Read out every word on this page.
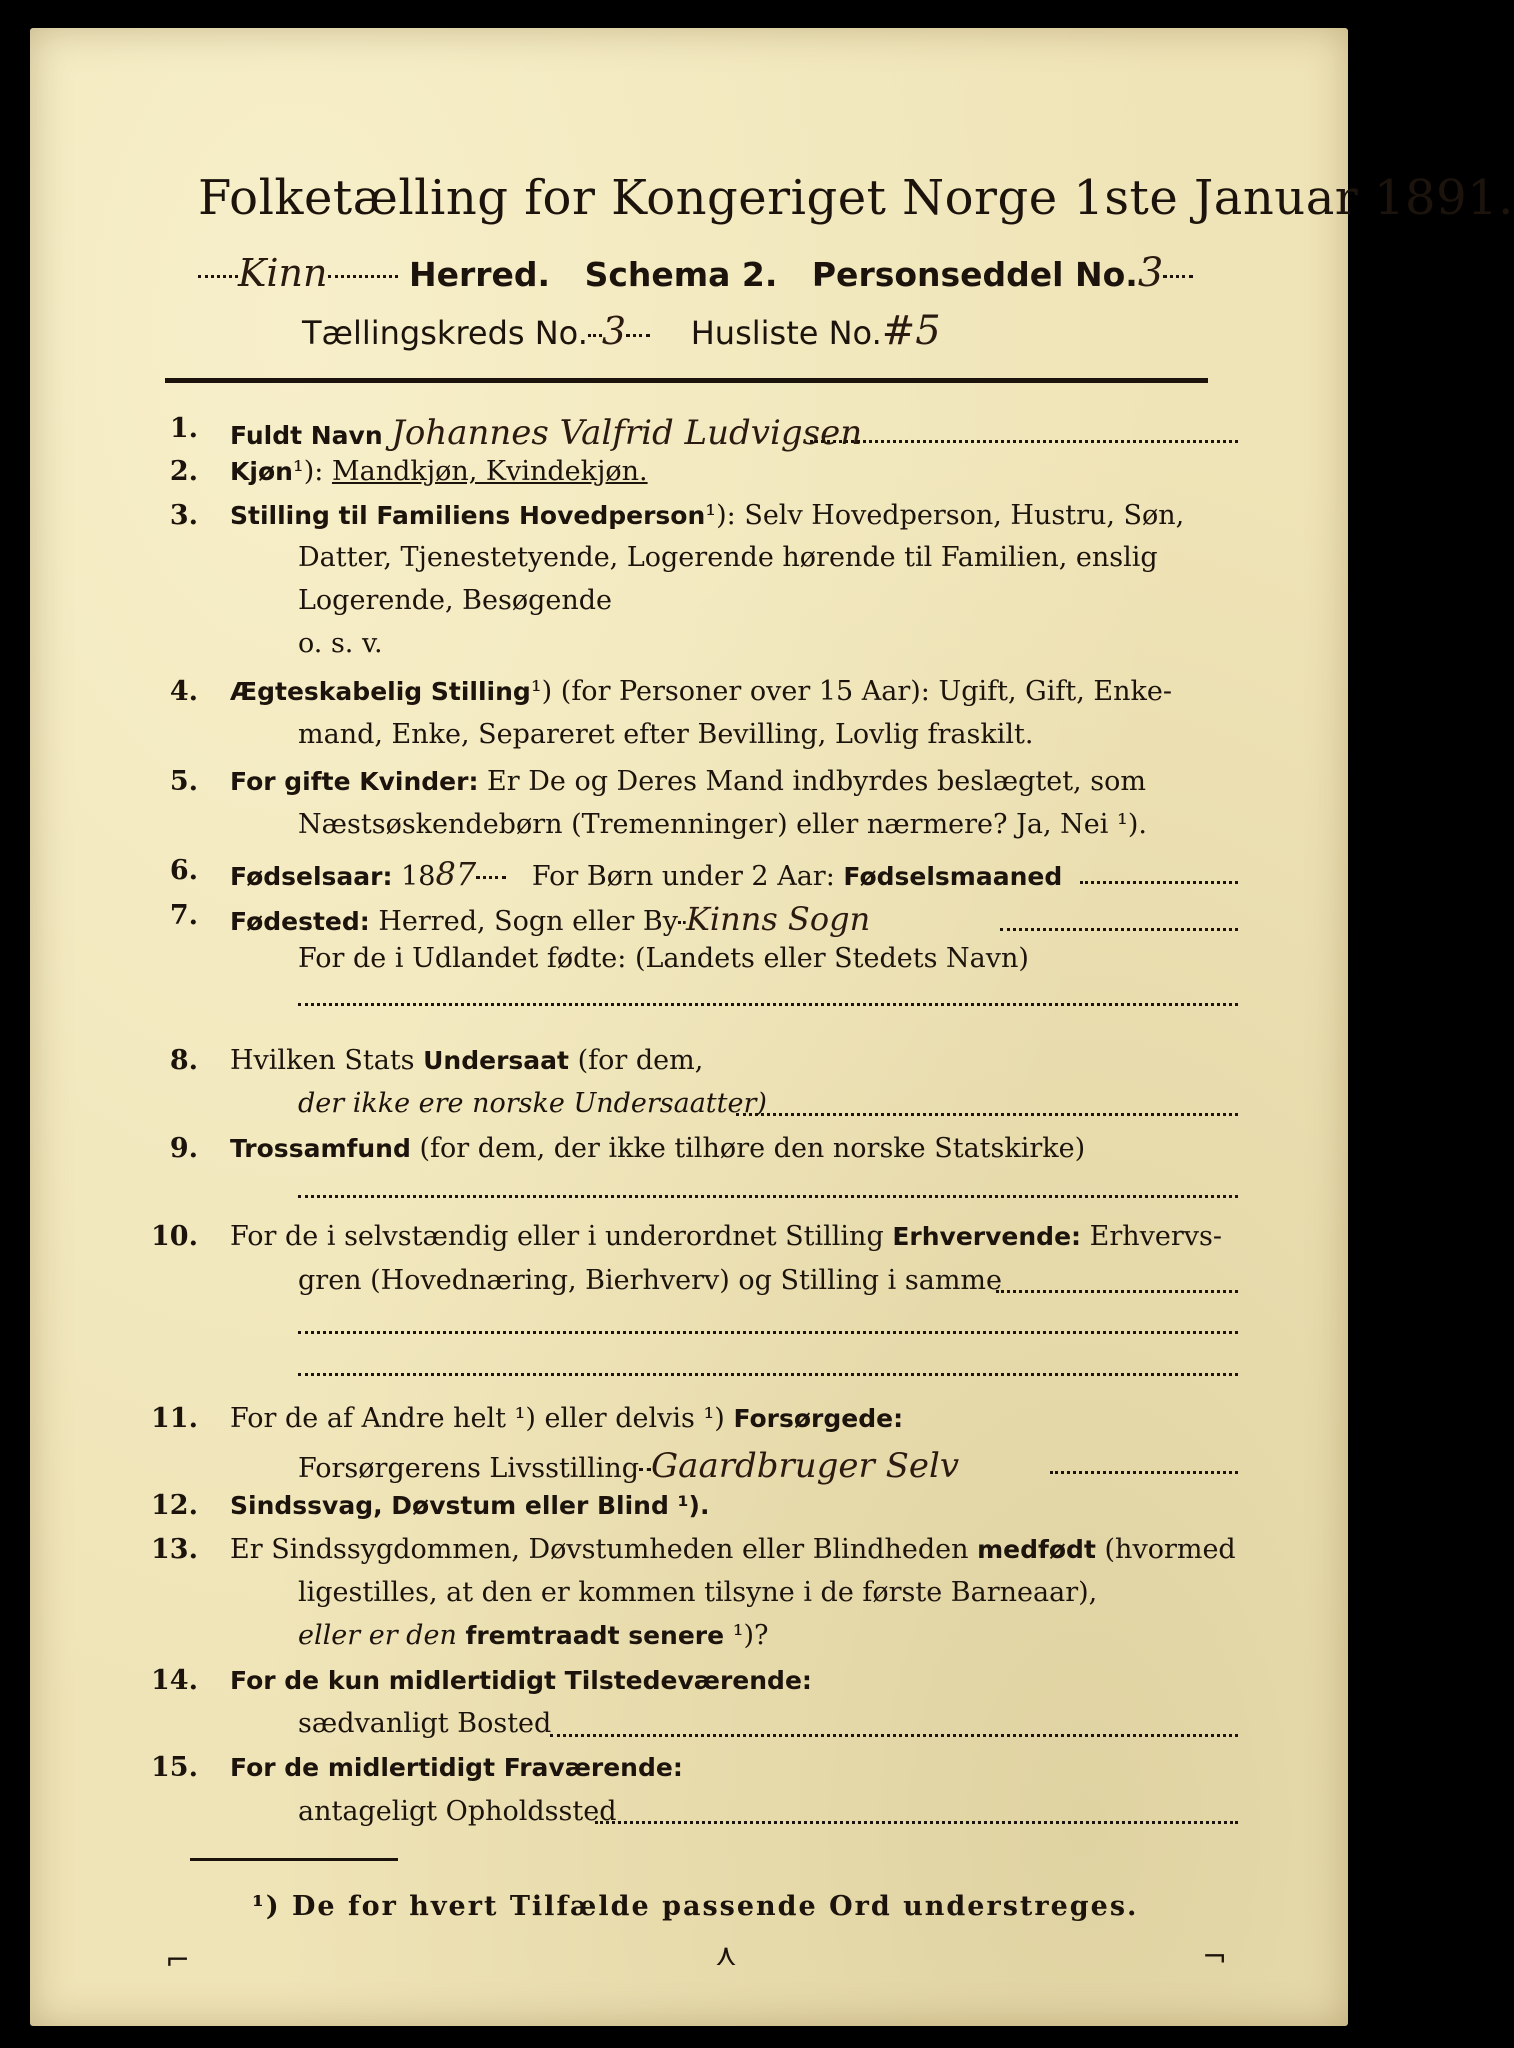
Folketælling for Kongeriget Norge 1ste Januar 1891.
Kinn Herred. Schema 2. Personseddel No.3
Tællingskreds No. 3 Husliste No.#5
1. Fuldt Navn Johannes Valfrid Ludvigsen
2. Kjøn¹): Mandkjøn, Kvindekjøn.
3. Stilling til Familiens Hovedperson¹): Selv Hovedperson, Hustru, Søn,
Datter, Tjenestetyende, Logerende hørende til Familien, enslig
Logerende, Besøgende
o. s. v.
4. Ægteskabelig Stilling¹) (for Personer over 15 Aar): Ugift, Gift, Enke-
mand, Enke, Separeret efter Bevilling, Lovlig fraskilt.
5. For gifte Kvinder: Er De og Deres Mand indbyrdes beslægtet, som
Næstsøskendebørn (Tremenninger) eller nærmere? Ja, Nei ¹).
6. Fødselsaar: 1887 For Børn under 2 Aar: Fødselsmaaned
7. Fødested: Herred, Sogn eller By Kinns Sogn
For de i Udlandet fødte: (Landets eller Stedets Navn)
8. Hvilken Stats Undersaat (for dem,
der ikke ere norske Undersaatter)
9. Trossamfund (for dem, der ikke tilhøre den norske Statskirke)
10. For de i selvstændig eller i underordnet Stilling Erhvervende: Erhvervs-
gren (Hovednæring, Bierhverv) og Stilling i samme
11. For de af Andre helt ¹) eller delvis ¹) Forsørgede:
Forsørgerens Livsstilling Gaardbruger Selv
12. Sindssvag, Døvstum eller Blind ¹).
13. Er Sindssygdommen, Døvstumheden eller Blindheden medfødt (hvormed
ligestilles, at den er kommen tilsyne i de første Barneaar),
eller er den fremtraadt senere ¹)?
14. For de kun midlertidigt Tilstedeværende:
sædvanligt Bosted
15. For de midlertidigt Fraværende:
antageligt Opholdssted
¹) De for hvert Tilfælde passende Ord understreges.
⌐	⋏	¬
